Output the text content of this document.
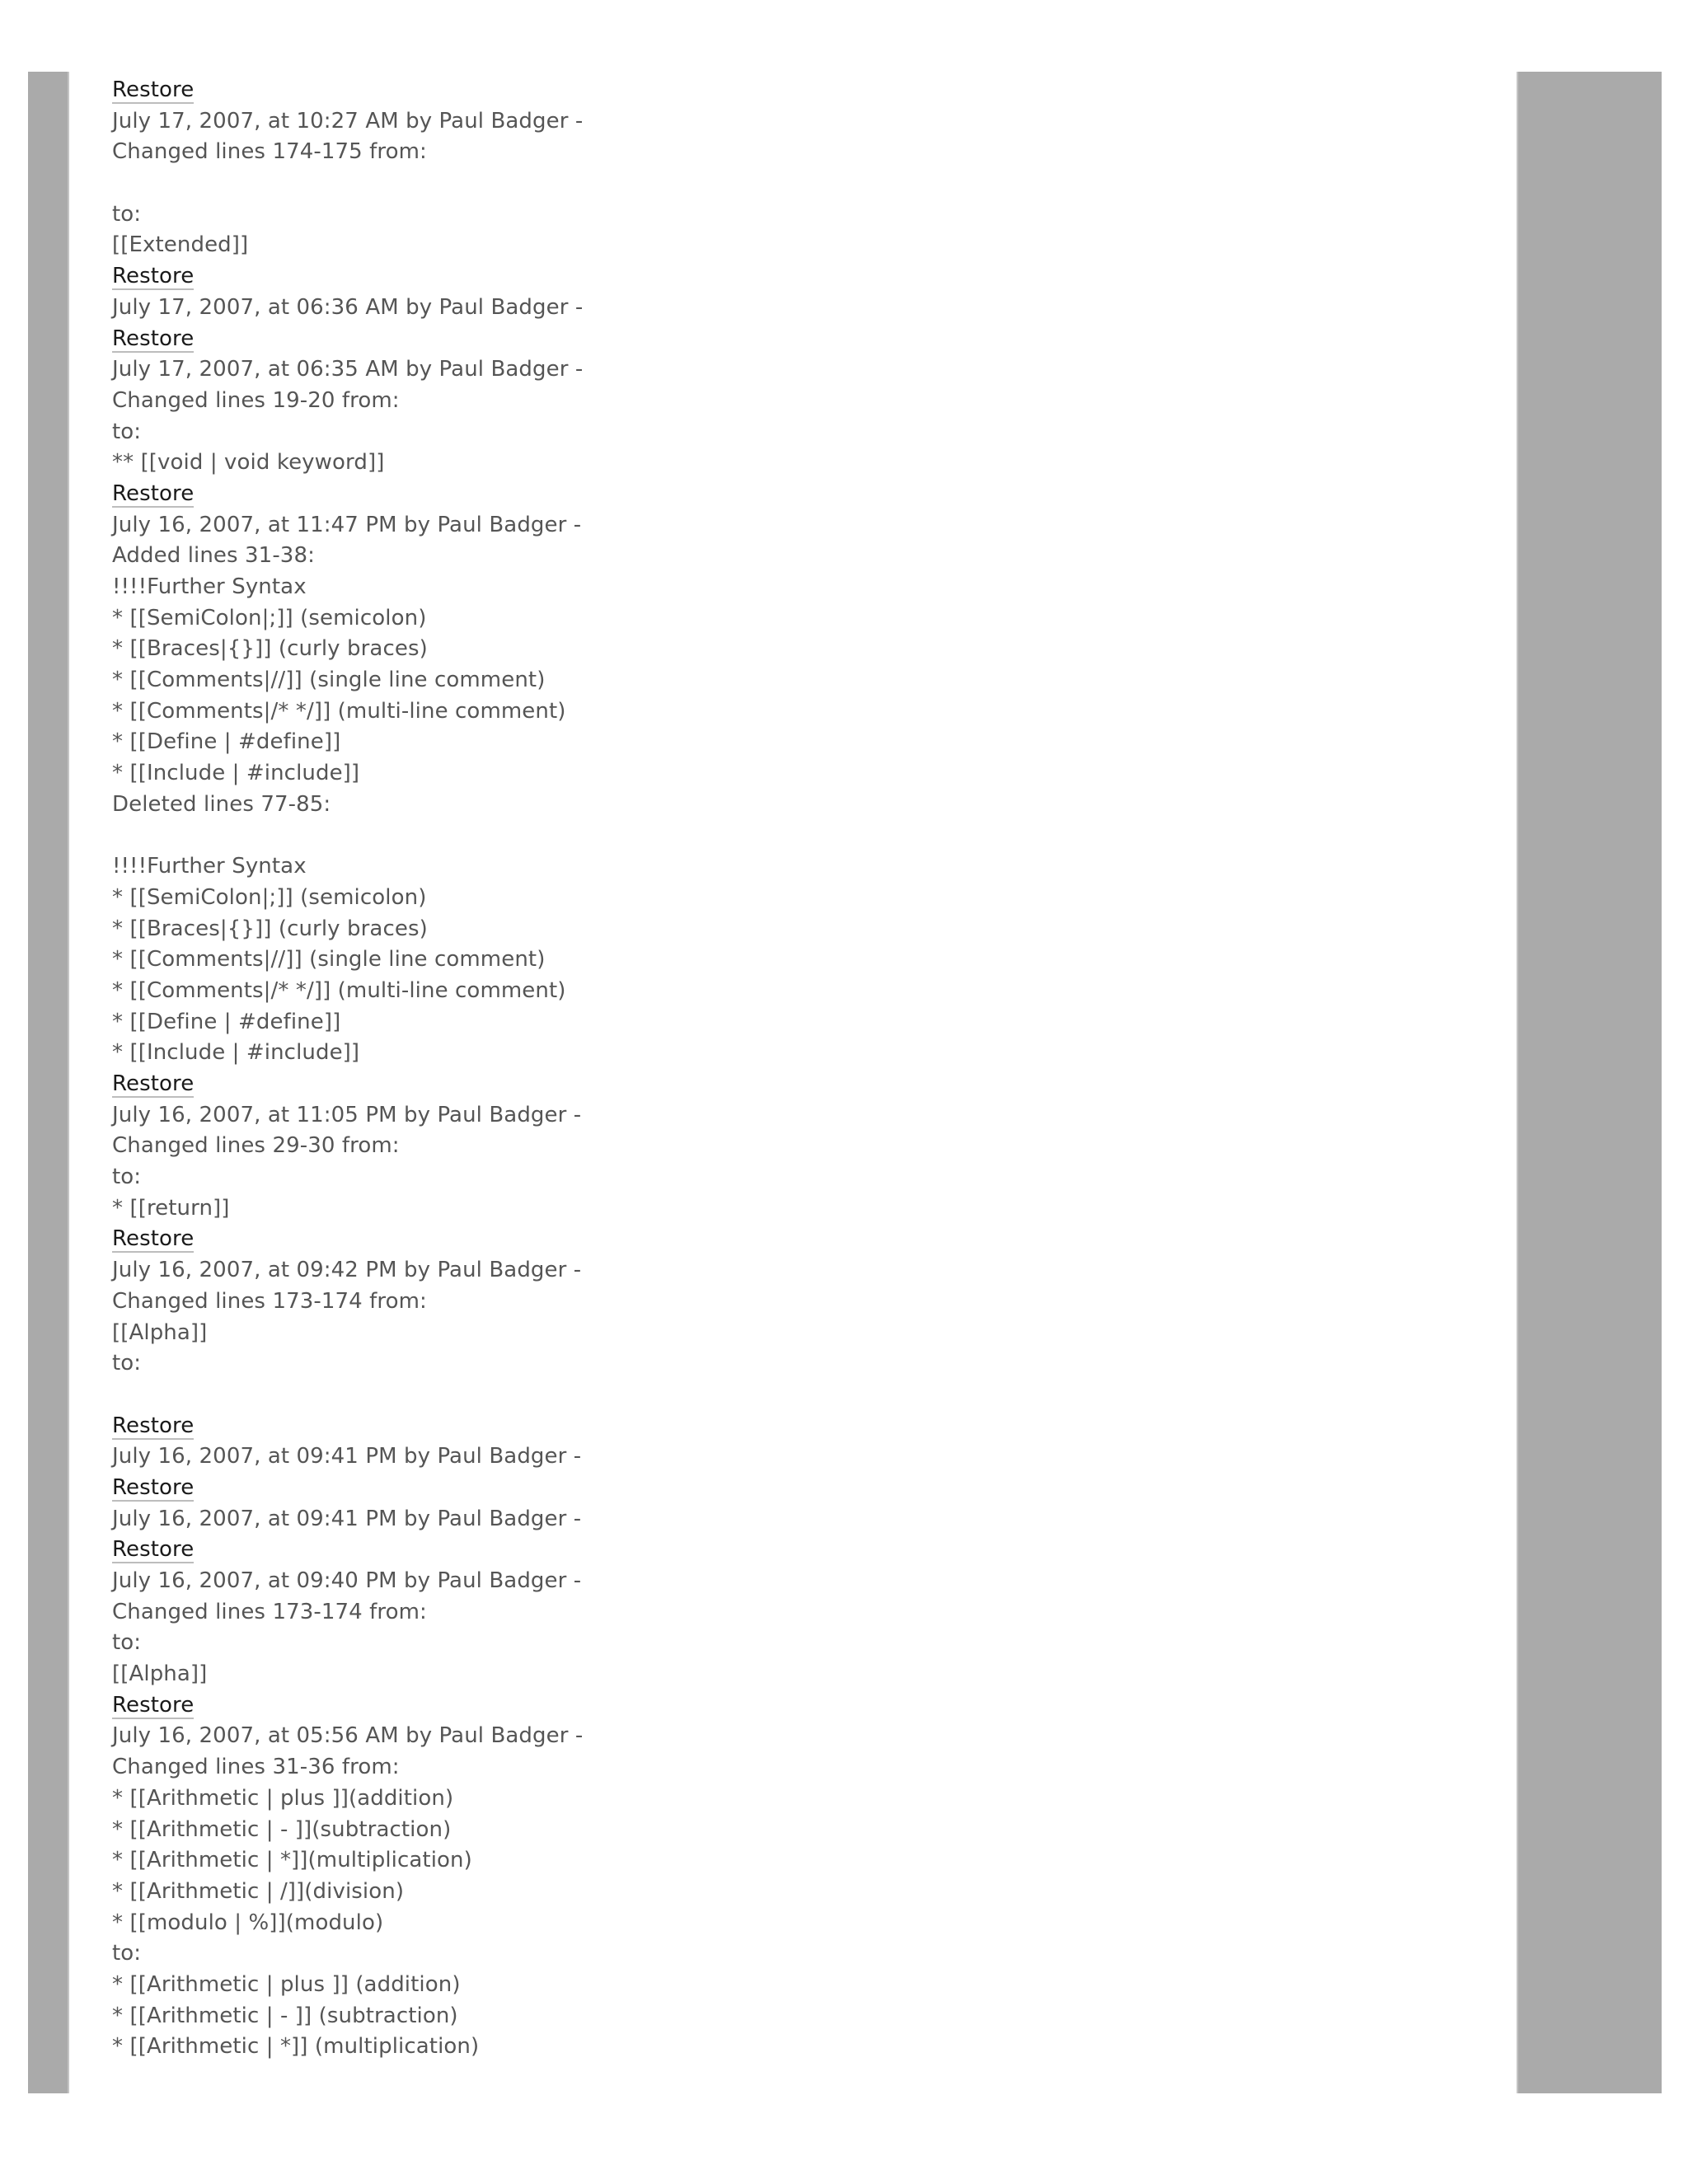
Restore
July 17, 2007, at 10:27 AM by Paul Badger -
Changed lines 174-175 from:
to:
[[Extended]]
Restore
July 17, 2007, at 06:36 AM by Paul Badger -
Restore
July 17, 2007, at 06:35 AM by Paul Badger -
Changed lines 19-20 from:
to:
** [[void | void keyword]]
Restore
July 16, 2007, at 11:47 PM by Paul Badger -
Added lines 31-38:
!!!!Further Syntax
* [[SemiColon|;]] (semicolon)
* [[Braces|{}]] (curly braces)
* [[Comments|//]] (single line comment)
* [[Comments|/* */]] (multi-line comment)
* [[Define | #define]]
* [[Include | #include]]
Deleted lines 77-85:
!!!!Further Syntax
* [[SemiColon|;]] (semicolon)
* [[Braces|{}]] (curly braces)
* [[Comments|//]] (single line comment)
* [[Comments|/* */]] (multi-line comment)
* [[Define | #define]]
* [[Include | #include]]
Restore
July 16, 2007, at 11:05 PM by Paul Badger -
Changed lines 29-30 from:
to:
* [[return]]
Restore
July 16, 2007, at 09:42 PM by Paul Badger -
Changed lines 173-174 from:
[[Alpha]]
to:
Restore
July 16, 2007, at 09:41 PM by Paul Badger -
Restore
July 16, 2007, at 09:41 PM by Paul Badger -
Restore
July 16, 2007, at 09:40 PM by Paul Badger -
Changed lines 173-174 from:
to:
[[Alpha]]
Restore
July 16, 2007, at 05:56 AM by Paul Badger -
Changed lines 31-36 from:
* [[Arithmetic | plus ]](addition)
* [[Arithmetic | - ]](subtraction)
* [[Arithmetic | *]](multiplication)
* [[Arithmetic | /]](division)
* [[modulo | %]](modulo)
to:
* [[Arithmetic | plus ]] (addition)
* [[Arithmetic | - ]] (subtraction)
* [[Arithmetic | *]] (multiplication)
